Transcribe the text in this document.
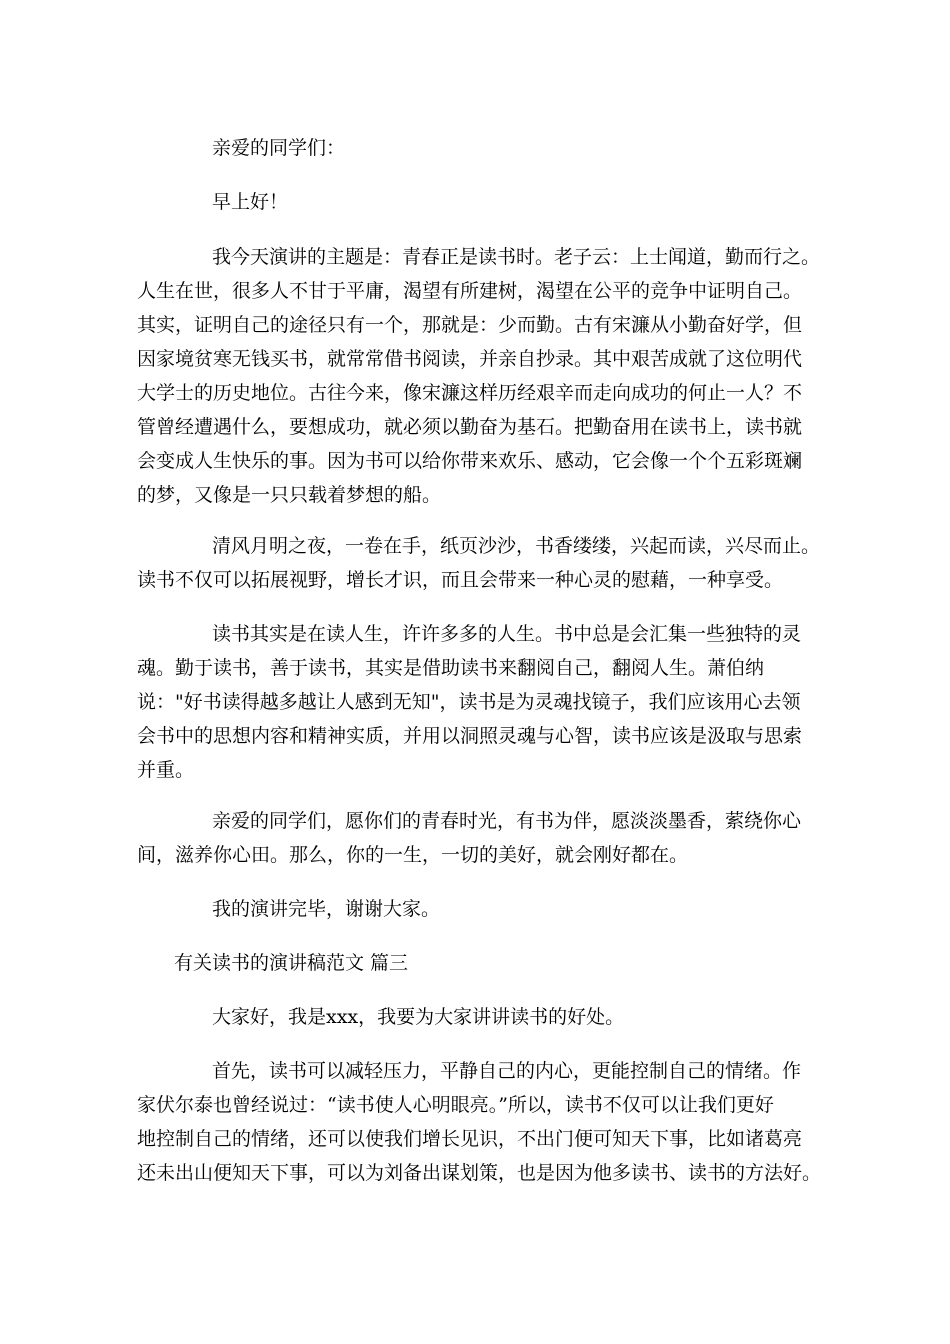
亲爱的同学们：

早上好！

我今天演讲的主题是：青春正是读书时。老子云：上士闻道，勤而行之。

人生在世，很多人不甘于平庸，渴望有所建树，渴望在公平的竞争中证明自己。

其实，证明自己的途径只有一个，那就是：少而勤。古有宋濂从小勤奋好学，但

因家境贫寒无钱买书，就常常借书阅读，并亲自抄录。其中艰苦成就了这位明代

大学士的历史地位。古往今来，像宋濂这样历经艰辛而走向成功的何止一人？不

管曾经遭遇什么，要想成功，就必须以勤奋为基石。把勤奋用在读书上，读书就

会变成人生快乐的事。因为书可以给你带来欢乐、感动，它会像一个个五彩斑斓

的梦，又像是一只只载着梦想的船。

清风月明之夜，一卷在手，纸页沙沙，书香缕缕，兴起而读，兴尽而止。

读书不仅可以拓展视野，增长才识，而且会带来一种心灵的慰藉，一种享受。

读书其实是在读人生，许许多多的人生。书中总是会汇集一些独特的灵

魂。勤于读书，善于读书，其实是借助读书来翻阅自己，翻阅人生。萧伯纳

说："好书读得越多越让人感到无知"，读书是为灵魂找镜子，我们应该用心去领

会书中的思想内容和精神实质，并用以洞照灵魂与心智，读书应该是汲取与思索

并重。

亲爱的同学们，愿你们的青春时光，有书为伴，愿淡淡墨香，萦绕你心

间，滋养你心田。那么，你的一生，一切的美好，就会刚好都在。

我的演讲完毕，谢谢大家。

有关读书的演讲稿范文 篇三

大家好，我是xxx，我要为大家讲讲读书的好处。

首先，读书可以减轻压力，平静自己的内心，更能控制自己的情绪。作

家伏尔泰也曾经说过：“读书使人心明眼亮。”所以，读书不仅可以让我们更好

地控制自己的情绪，还可以使我们增长见识，不出门便可知天下事，比如诸葛亮

还未出山便知天下事，可以为刘备出谋划策，也是因为他多读书、读书的方法好。
